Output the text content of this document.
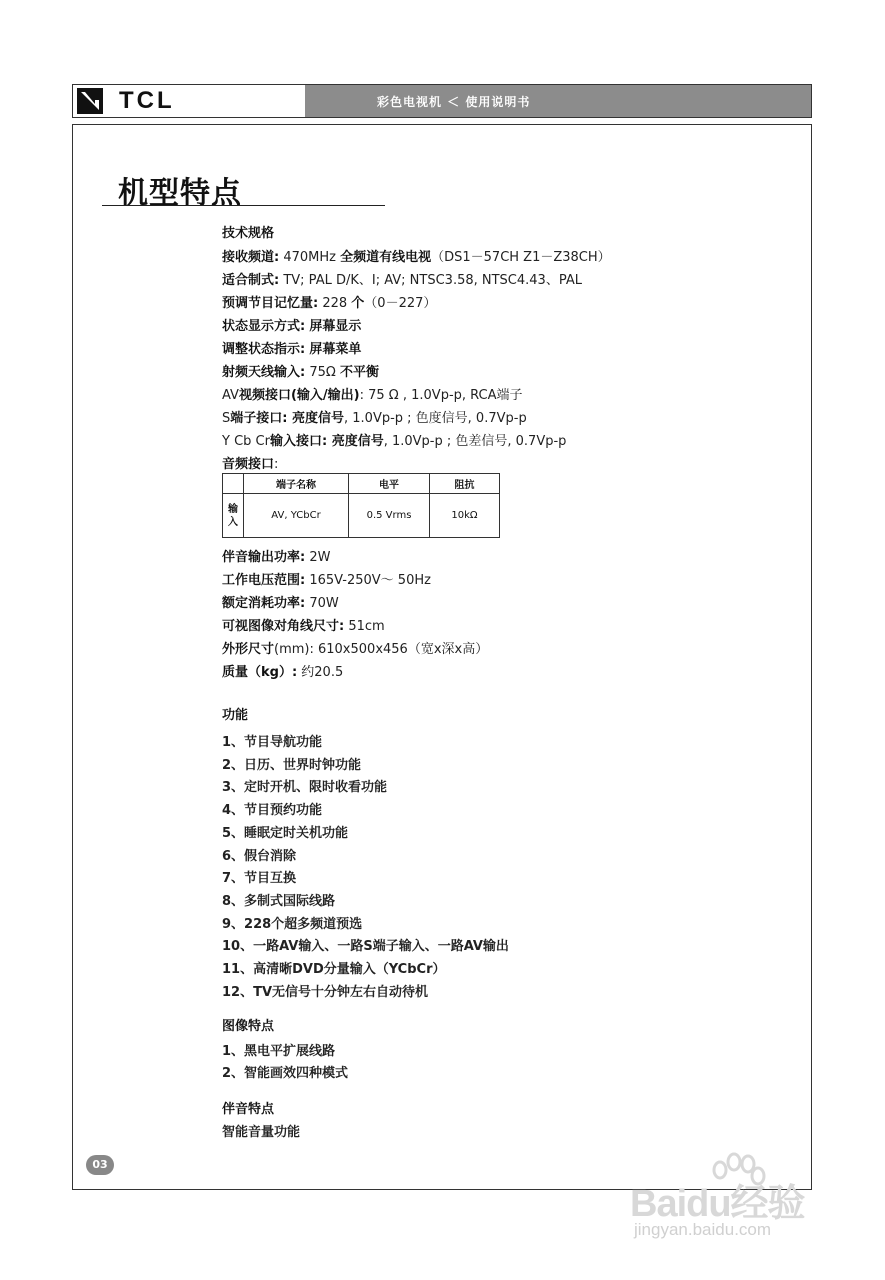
TCL	彩色电视机 ＜ 使用说明书
机型特点
技术规格
接收频道: 470MHz 全频道有线电视（DS1－57CH Z1－Z38CH）
适合制式: TV; PAL D/K、I; AV; NTSC3.58, NTSC4.43、PAL
预调节目记忆量: 228 个（0－227）
状态显示方式: 屏幕显示
调整状态指示: 屏幕菜单
射频天线输入: 75Ω 不平衡
AV视频接口(输入/输出): 75 Ω , 1.0Vp-p, RCA端子
S端子接口: 亮度信号, 1.0Vp-p ; 色度信号, 0.7Vp-p
Y Cb Cr输入接口: 亮度信号, 1.0Vp-p ; 色差信号, 0.7Vp-p
音频接口:
	端子名称	电平	阻抗
输入	AV, YCbCr	0.5 Vrms	10kΩ
伴音输出功率: 2W
工作电压范围: 165V-250V～ 50Hz
额定消耗功率: 70W
可视图像对角线尺寸: 51cm
外形尺寸(mm): 610x500x456（宽x深x高）
质量（kg）: 约20.5
功能
1、节目导航功能
2、日历、世界时钟功能
3、定时开机、限时收看功能
4、节目预约功能
5、睡眠定时关机功能
6、假台消除
7、节目互换
8、多制式国际线路
9、228个超多频道预选
10、一路AV输入、一路S端子输入、一路AV输出
11、高清晰DVD分量输入（YCbCr）
12、TV无信号十分钟左右自动待机
图像特点
1、黑电平扩展线路
2、智能画效四种模式
伴音特点
智能音量功能
03
Baidu经验
jingyan.baidu.com
